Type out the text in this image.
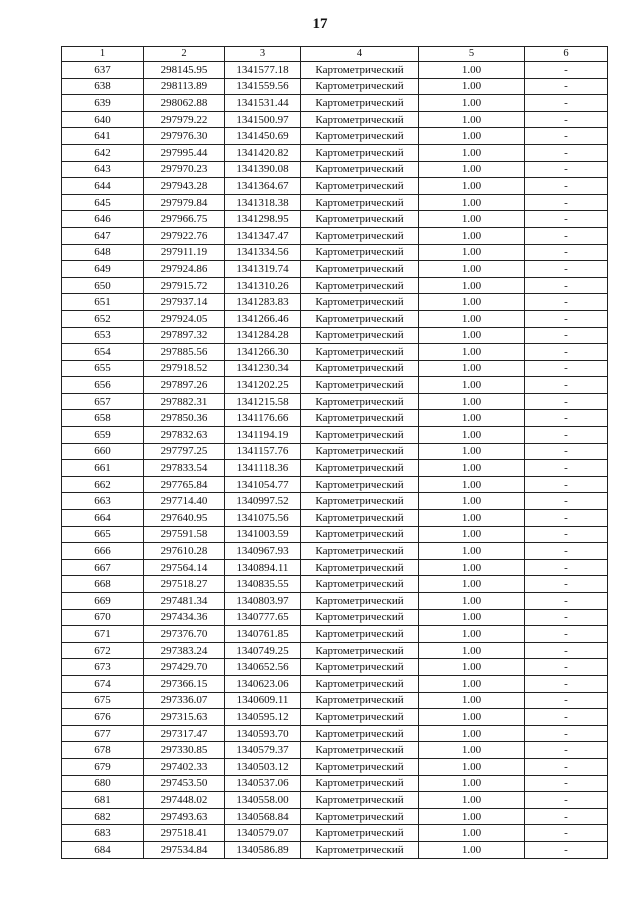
17
1	2	3	4	5	6
637	298145.95	1341577.18	Картометрический	1.00	-
638	298113.89	1341559.56	Картометрический	1.00	-
639	298062.88	1341531.44	Картометрический	1.00	-
640	297979.22	1341500.97	Картометрический	1.00	-
641	297976.30	1341450.69	Картометрический	1.00	-
642	297995.44	1341420.82	Картометрический	1.00	-
643	297970.23	1341390.08	Картометрический	1.00	-
644	297943.28	1341364.67	Картометрический	1.00	-
645	297979.84	1341318.38	Картометрический	1.00	-
646	297966.75	1341298.95	Картометрический	1.00	-
647	297922.76	1341347.47	Картометрический	1.00	-
648	297911.19	1341334.56	Картометрический	1.00	-
649	297924.86	1341319.74	Картометрический	1.00	-
650	297915.72	1341310.26	Картометрический	1.00	-
651	297937.14	1341283.83	Картометрический	1.00	-
652	297924.05	1341266.46	Картометрический	1.00	-
653	297897.32	1341284.28	Картометрический	1.00	-
654	297885.56	1341266.30	Картометрический	1.00	-
655	297918.52	1341230.34	Картометрический	1.00	-
656	297897.26	1341202.25	Картометрический	1.00	-
657	297882.31	1341215.58	Картометрический	1.00	-
658	297850.36	1341176.66	Картометрический	1.00	-
659	297832.63	1341194.19	Картометрический	1.00	-
660	297797.25	1341157.76	Картометрический	1.00	-
661	297833.54	1341118.36	Картометрический	1.00	-
662	297765.84	1341054.77	Картометрический	1.00	-
663	297714.40	1340997.52	Картометрический	1.00	-
664	297640.95	1341075.56	Картометрический	1.00	-
665	297591.58	1341003.59	Картометрический	1.00	-
666	297610.28	1340967.93	Картометрический	1.00	-
667	297564.14	1340894.11	Картометрический	1.00	-
668	297518.27	1340835.55	Картометрический	1.00	-
669	297481.34	1340803.97	Картометрический	1.00	-
670	297434.36	1340777.65	Картометрический	1.00	-
671	297376.70	1340761.85	Картометрический	1.00	-
672	297383.24	1340749.25	Картометрический	1.00	-
673	297429.70	1340652.56	Картометрический	1.00	-
674	297366.15	1340623.06	Картометрический	1.00	-
675	297336.07	1340609.11	Картометрический	1.00	-
676	297315.63	1340595.12	Картометрический	1.00	-
677	297317.47	1340593.70	Картометрический	1.00	-
678	297330.85	1340579.37	Картометрический	1.00	-
679	297402.33	1340503.12	Картометрический	1.00	-
680	297453.50	1340537.06	Картометрический	1.00	-
681	297448.02	1340558.00	Картометрический	1.00	-
682	297493.63	1340568.84	Картометрический	1.00	-
683	297518.41	1340579.07	Картометрический	1.00	-
684	297534.84	1340586.89	Картометрический	1.00	-
